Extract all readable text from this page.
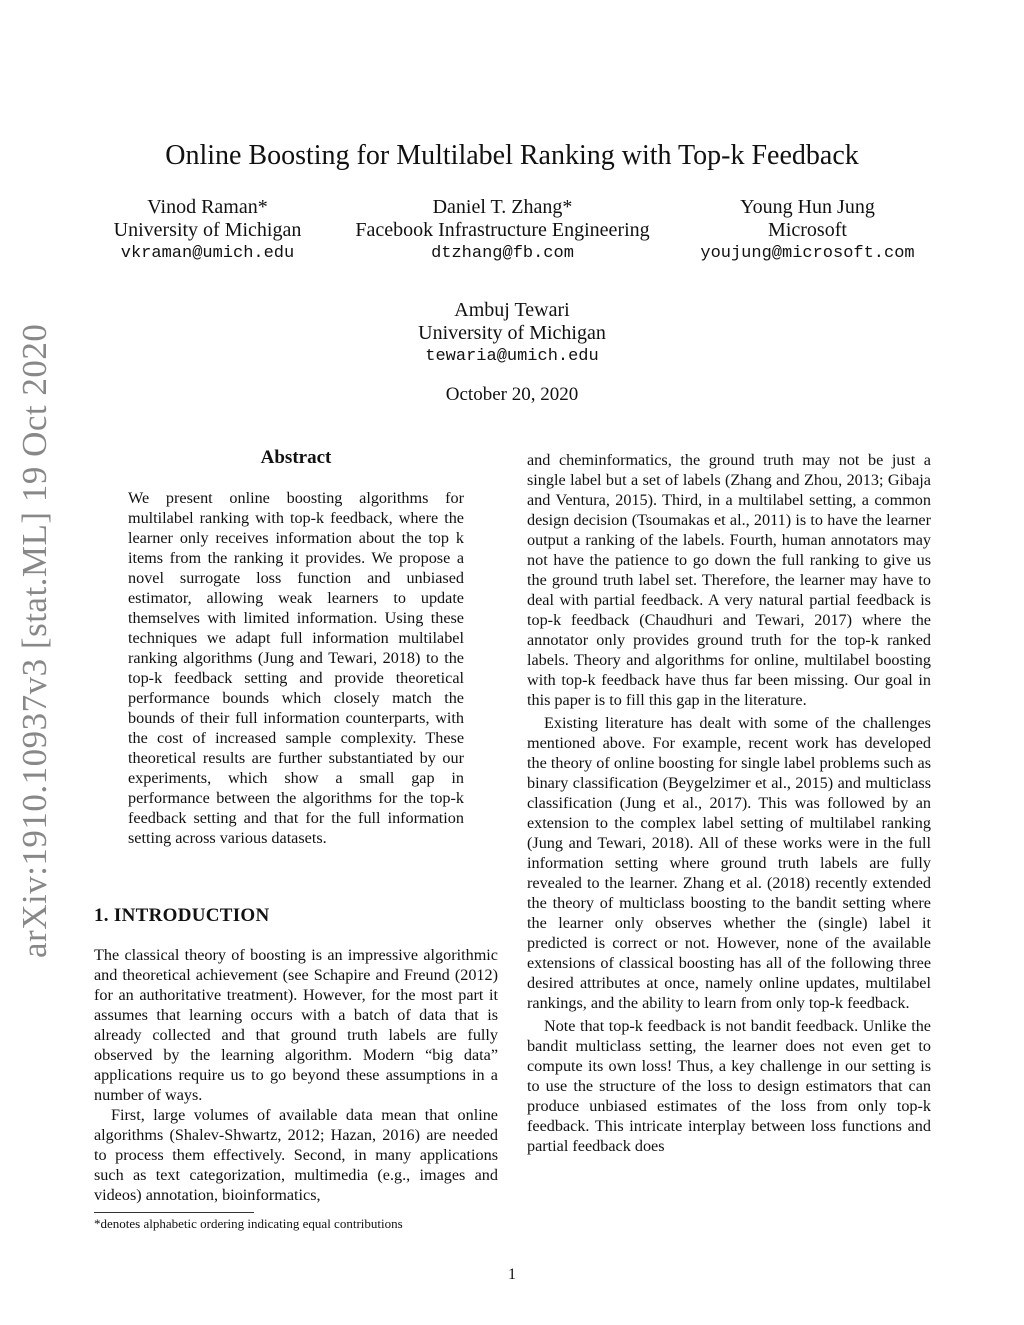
arXiv:1910.10937v3 [stat.ML] 19 Oct 2020
Online Boosting for Multilabel Ranking with Top-k Feedback
Vinod Raman*
University of Michigan
vkraman@umich.edu
Daniel T. Zhang*
Facebook Infrastructure Engineering
dtzhang@fb.com
Young Hun Jung
Microsoft
youjung@microsoft.com
Ambuj Tewari
University of Michigan
tewaria@umich.edu
October 20, 2020
Abstract

We present online boosting algorithms for multilabel ranking with top-k feedback, where the learner only receives information about the top k items from the ranking it provides. We propose a novel surrogate loss function and unbiased estimator, allowing weak learners to update themselves with limited information. Using these techniques we adapt full information multilabel ranking algorithms (Jung and Tewari, 2018) to the top-k feedback setting and provide theoretical performance bounds which closely match the bounds of their full information counterparts, with the cost of increased sample complexity. These theoretical results are further substantiated by our experiments, which show a small gap in performance between the algorithms for the top-k feedback setting and that for the full information setting across various datasets.

1. INTRODUCTION

The classical theory of boosting is an impressive algorithmic and theoretical achievement (see Schapire and Freund (2012) for an authoritative treatment). However, for the most part it assumes that learning occurs with a batch of data that is already collected and that ground truth labels are fully observed by the learning algorithm. Modern “big data” applications require us to go beyond these assumptions in a number of ways.

First, large volumes of available data mean that online algorithms (Shalev-Shwartz, 2012; Hazan, 2016) are needed to process them effectively. Second, in many applications such as text categorization, multimedia (e.g., images and videos) annotation, bioinformatics,

*denotes alphabetic ordering indicating equal contributions

and cheminformatics, the ground truth may not be just a single label but a set of labels (Zhang and Zhou, 2013; Gibaja and Ventura, 2015). Third, in a multilabel setting, a common design decision (Tsoumakas et al., 2011) is to have the learner output a ranking of the labels. Fourth, human annotators may not have the patience to go down the full ranking to give us the ground truth label set. Therefore, the learner may have to deal with partial feedback. A very natural partial feedback is top-k feedback (Chaudhuri and Tewari, 2017) where the annotator only provides ground truth for the top-k ranked labels. Theory and algorithms for online, multilabel boosting with top-k feedback have thus far been missing. Our goal in this paper is to fill this gap in the literature.

Existing literature has dealt with some of the challenges mentioned above. For example, recent work has developed the theory of online boosting for single label problems such as binary classification (Beygelzimer et al., 2015) and multiclass classification (Jung et al., 2017). This was followed by an extension to the complex label setting of multilabel ranking (Jung and Tewari, 2018). All of these works were in the full information setting where ground truth labels are fully revealed to the learner. Zhang et al. (2018) recently extended the theory of multiclass boosting to the bandit setting where the learner only observes whether the (single) label it predicted is correct or not. However, none of the available extensions of classical boosting has all of the following three desired attributes at once, namely online updates, multilabel rankings, and the ability to learn from only top-k feedback.

Note that top-k feedback is not bandit feedback. Unlike the bandit multiclass setting, the learner does not even get to compute its own loss! Thus, a key challenge in our setting is to use the structure of the loss to design estimators that can produce unbiased estimates of the loss from only top-k feedback. This intricate interplay between loss functions and partial feedback does

1
